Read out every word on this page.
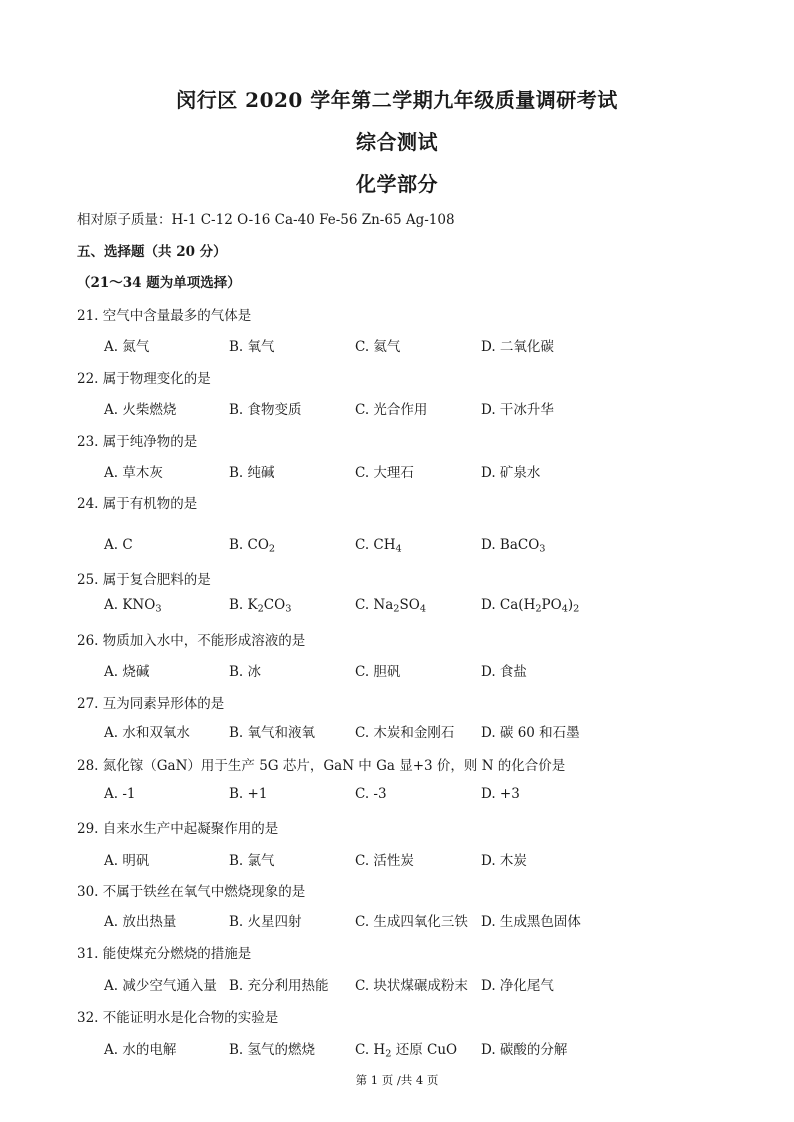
闵行区 2020 学年第二学期九年级质量调研考试
综合测试
化学部分
相对原子质量：H-1 C-12 O-16 Ca-40 Fe-56 Zn-65 Ag-108
五、选择题（共 20 分）
（21～34 题为单项选择）
21. 空气中含量最多的气体是
A. 氮气	B. 氧气	C. 氦气	D. 二氧化碳
22. 属于物理变化的是
A. 火柴燃烧	B. 食物变质	C. 光合作用	D. 干冰升华
23. 属于纯净物的是
A. 草木灰	B. 纯碱	C. 大理石	D. 矿泉水
24. 属于有机物的是
A. C	B. $CO_2$	C. $CH_4$	D. BaCO$_3$
25. 属于复合肥料的是
A. $KNO_3$	B. $K_2CO_3$	C. $Na_2SO_4$	D. $Ca(H_2PO_4)_2$
26. 物质加入水中，不能形成溶液的是
A. 烧碱	B. 冰	C. 胆矾	D. 食盐
27. 互为同素异形体的是
A. 水和双氧水	B. 氧气和液氧	C. 木炭和金刚石 D. 碳 60 和石墨
28. 氮化镓（GaN）用于生产 5G 芯片，GaN 中 Ga 显+3 价，则 N 的化合价是
A. -1	B. +1	C. -3	D. +3
29. 自来水生产中起凝聚作用的是
A. 明矾	B. 氯气	C. 活性炭	D. 木炭
30. 不属于铁丝在氧气中燃烧现象的是
A. 放出热量	B. 火星四射	C. 生成四氧化三铁 D. 生成黑色固体
31. 能使煤充分燃烧的措施是
A. 减少空气通入量 B. 充分利用热能 C. 块状煤碾成粉末 D. 净化尾气
32. 不能证明水是化合物的实验是
A. 水的电解	B. 氢气的燃烧	C. $H_2$ 还原 CuO D. 碳酸的分解
第 1 页 /共 4 页
